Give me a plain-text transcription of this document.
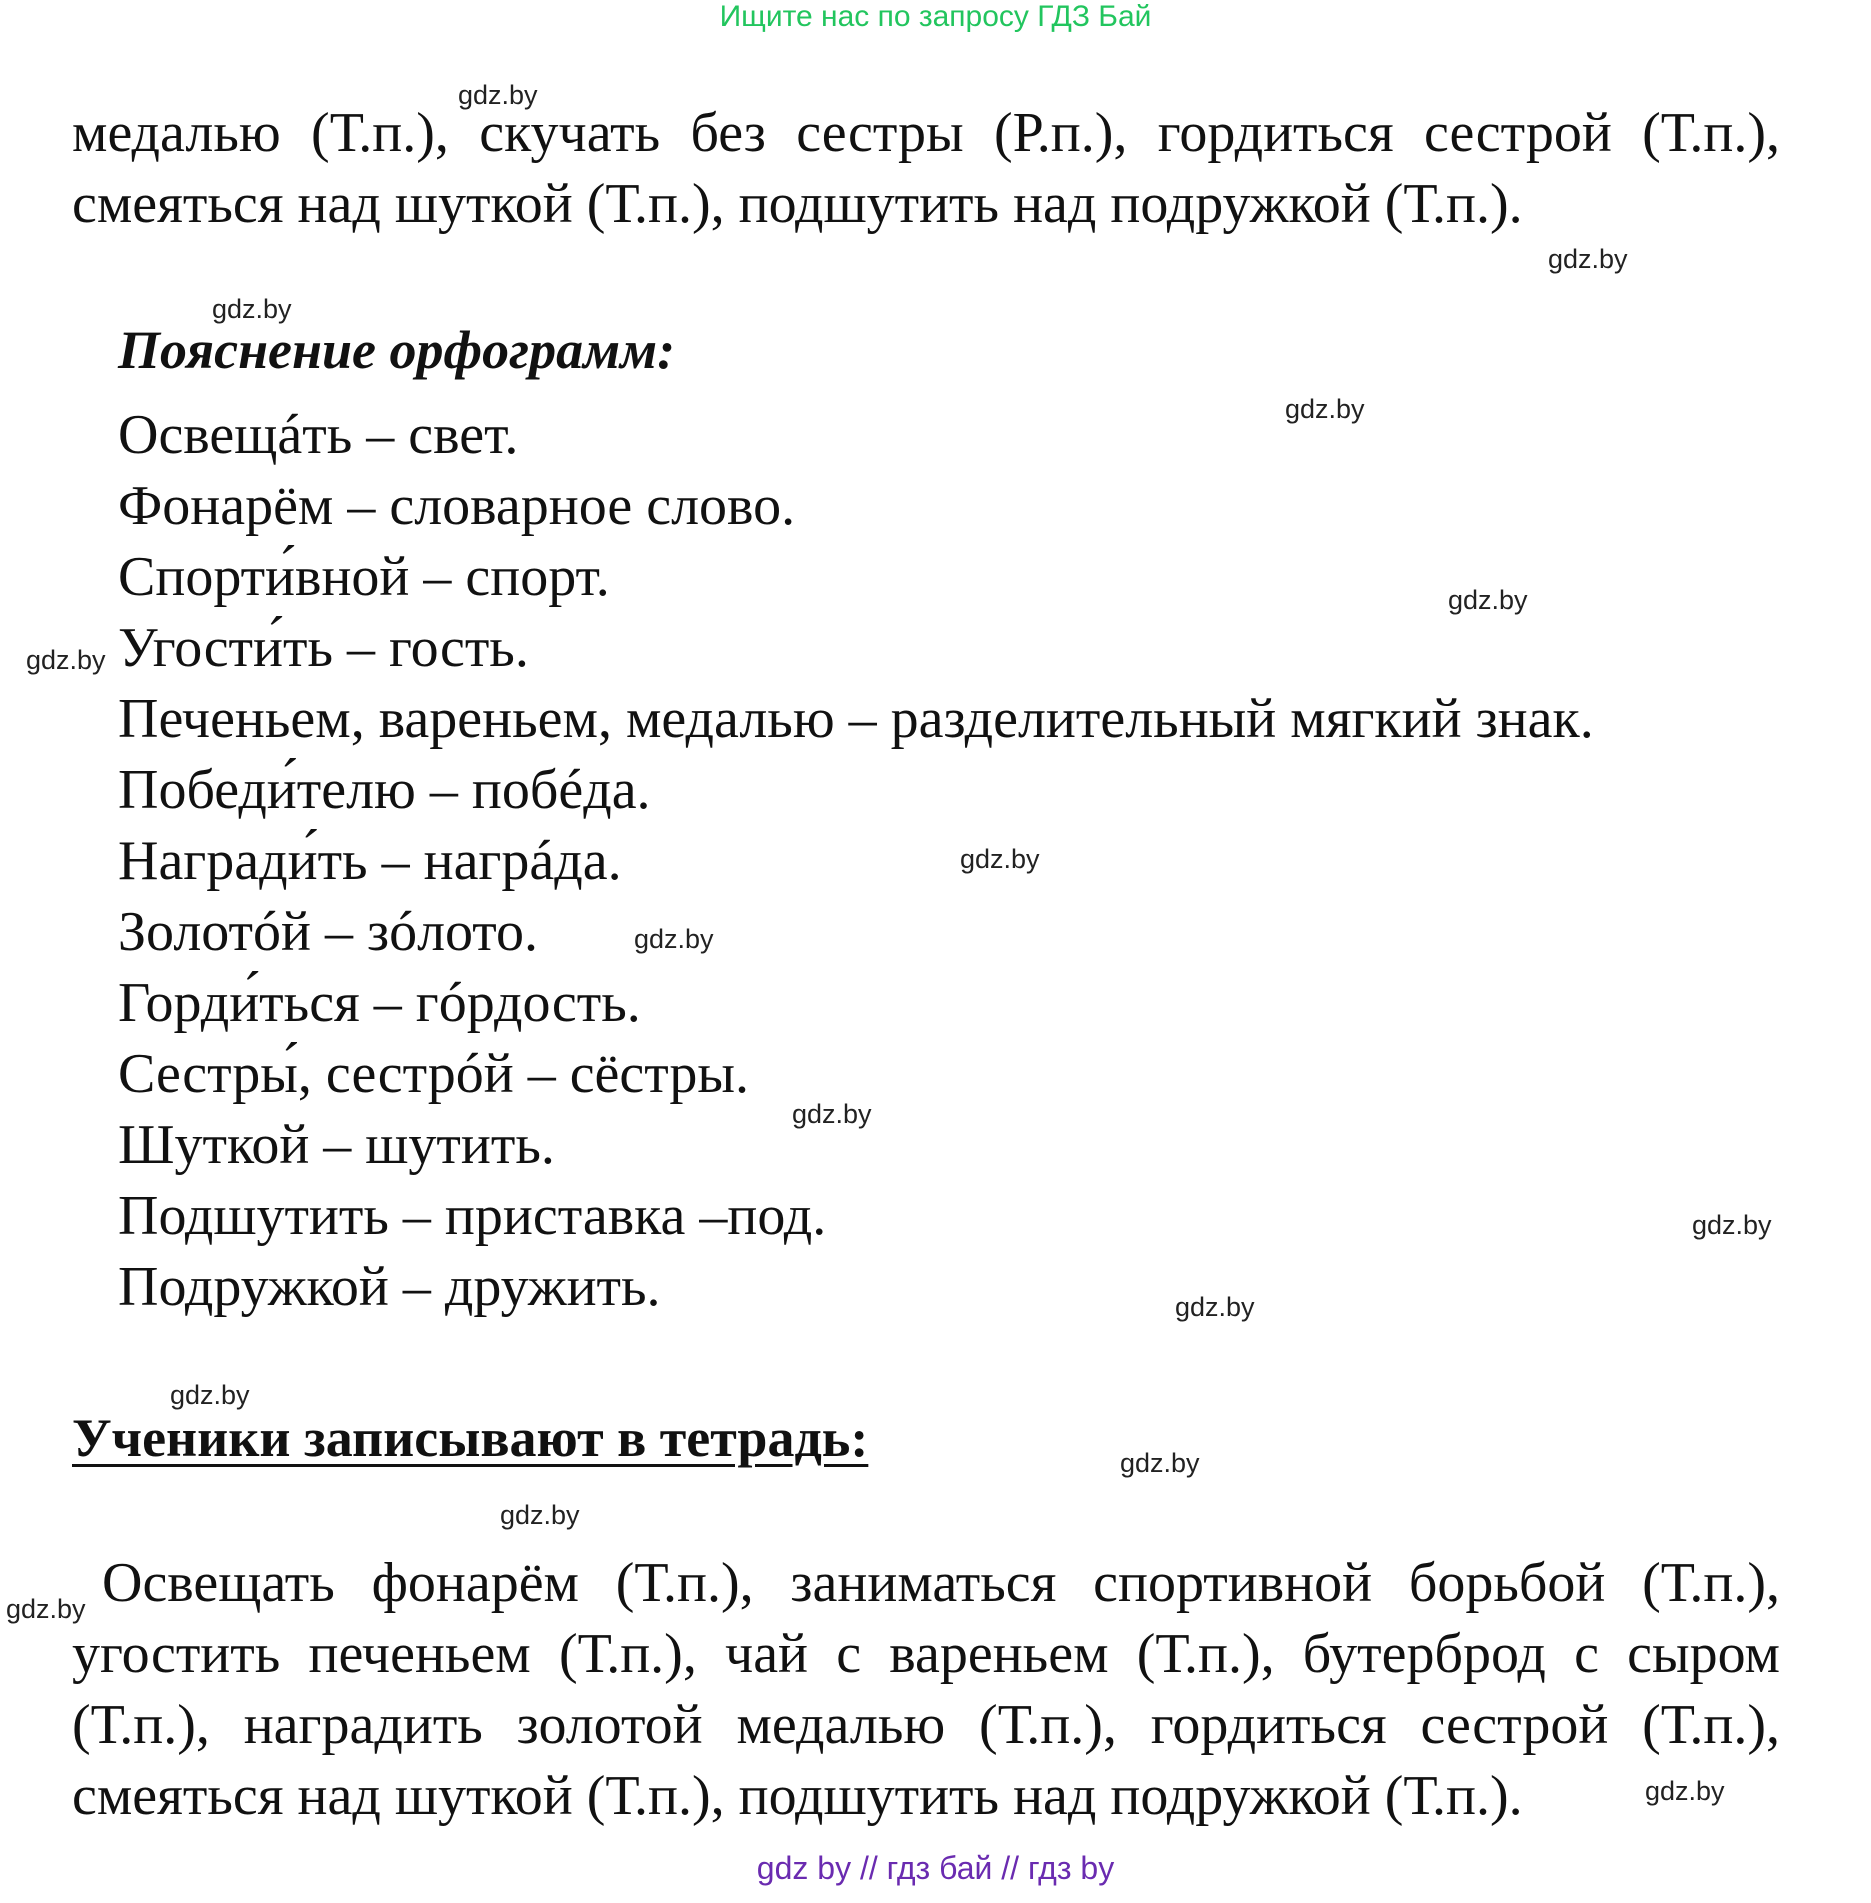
Ищите нас по запросу ГДЗ Бай
медалью (Т.п.), скучать без сестры (Р.п.), гордиться сестрой (Т.п.),
смеяться над шуткой (Т.п.), подшутить над подружкой (Т.п.).

Пояснение орфограмм:

Освещáть – свет.
Фонарём – словарное слово.
Спорти́вной – спорт.
Угости́ть – гость.
Печеньем, вареньем, медалью – разделительный мягкий знак.
Победи́телю – побéда.
Награди́ть – нагрáда.
Золотóй – зóлото.
Горди́ться – гóрдость.
Сестры́, сестрóй – сёстры.
Шуткой – шутить.
Подшутить – приставка –под.
Подружкой – дружить.

Ученики записывают в тетрадь:

Освещать фонарём (Т.п.), заниматься спортивной борьбой (Т.п.),
угостить печеньем (Т.п.), чай с вареньем (Т.п.), бутерброд с сыром
(Т.п.), наградить золотой медалью (Т.п.), гордиться сестрой (Т.п.),
смеяться над шуткой (Т.п.), подшутить над подружкой (Т.п.).
gdz.by
gdz.by
gdz.by
gdz.by
gdz.by
gdz.by
gdz.by
gdz.by
gdz.by
gdz.by
gdz.by
gdz.by
gdz.by
gdz.by
gdz.by
gdz.by
gdz by // гдз бай // гдз by
